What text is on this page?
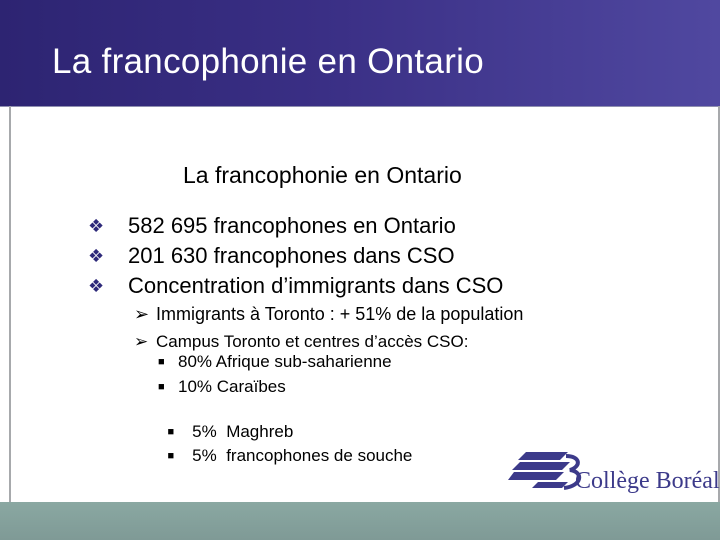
La francophonie en Ontario
La francophonie en Ontario
❖ 582 695 francophones en Ontario
❖ 201 630 francophones dans CSO
❖ Concentration d’immigrants dans CSO
➢ Immigrants à Toronto : + 51% de la population
➢ Campus Toronto et centres d’accès CSO:
■ 80% Afrique sub-saharienne
■ 10% Caraïbes

■ 5%  Maghreb

■ 5%  francophones de souche

Collège Boréal
